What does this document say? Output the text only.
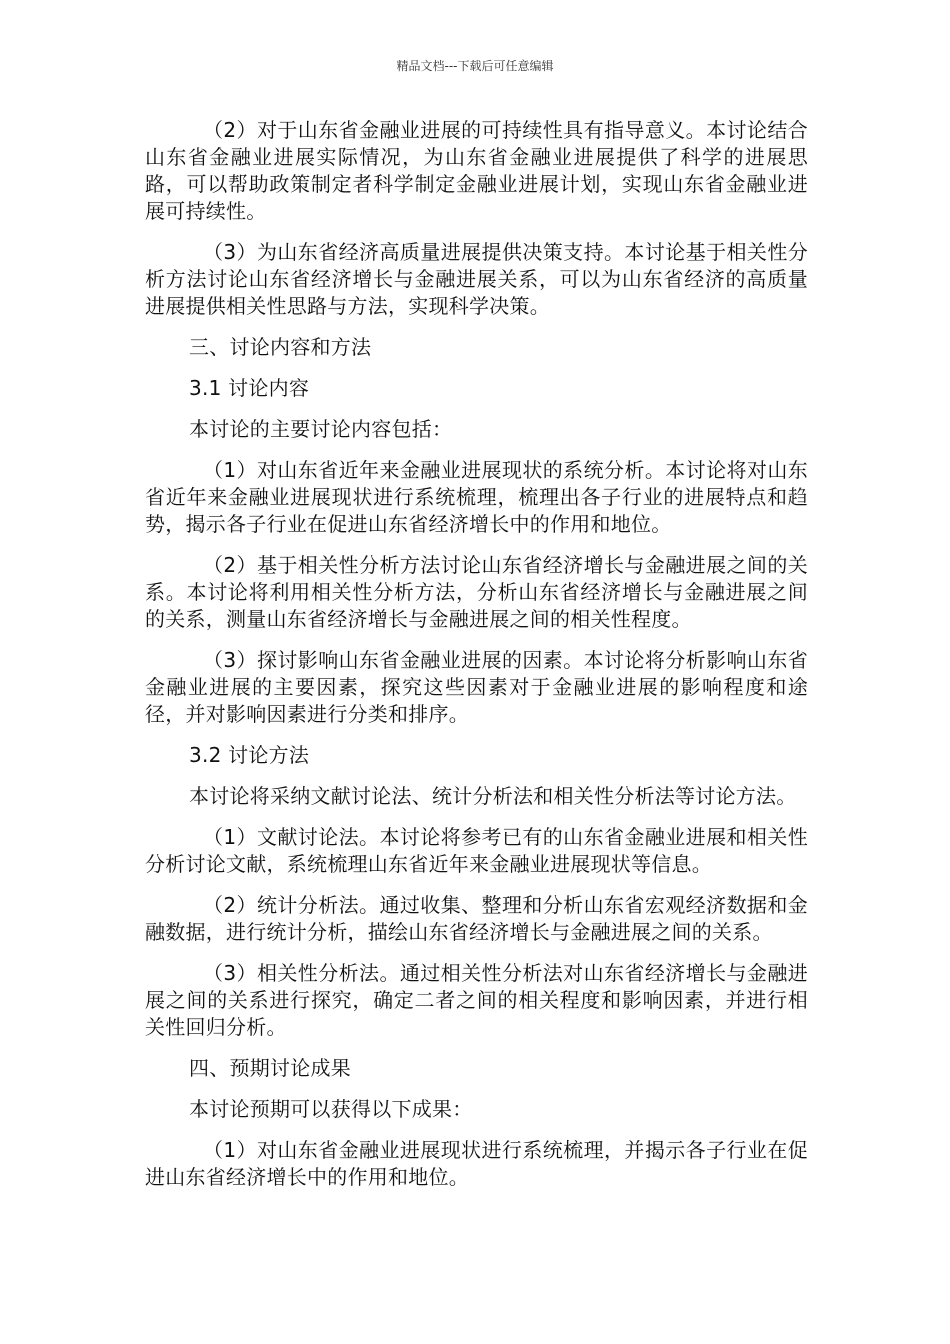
精品文档---下载后可任意编辑

（2）对于山东省金融业进展的可持续性具有指导意义。本讨论结合山东省金融业进展实际情况，为山东省金融业进展提供了科学的进展思路，可以帮助政策制定者科学制定金融业进展计划，实现山东省金融业进展可持续性。

（3）为山东省经济高质量进展提供决策支持。本讨论基于相关性分析方法讨论山东省经济增长与金融进展关系，可以为山东省经济的高质量进展提供相关性思路与方法，实现科学决策。

三、讨论内容和方法

3.1 讨论内容

本讨论的主要讨论内容包括：

（1）对山东省近年来金融业进展现状的系统分析。本讨论将对山东省近年来金融业进展现状进行系统梳理，梳理出各子行业的进展特点和趋势，揭示各子行业在促进山东省经济增长中的作用和地位。

（2）基于相关性分析方法讨论山东省经济增长与金融进展之间的关系。本讨论将利用相关性分析方法，分析山东省经济增长与金融进展之间的关系，测量山东省经济增长与金融进展之间的相关性程度。

（3）探讨影响山东省金融业进展的因素。本讨论将分析影响山东省金融业进展的主要因素，探究这些因素对于金融业进展的影响程度和途径，并对影响因素进行分类和排序。

3.2 讨论方法

本讨论将采纳文献讨论法、统计分析法和相关性分析法等讨论方法。

（1）文献讨论法。本讨论将参考已有的山东省金融业进展和相关性分析讨论文献，系统梳理山东省近年来金融业进展现状等信息。

（2）统计分析法。通过收集、整理和分析山东省宏观经济数据和金融数据，进行统计分析，描绘山东省经济增长与金融进展之间的关系。

（3）相关性分析法。通过相关性分析法对山东省经济增长与金融进展之间的关系进行探究，确定二者之间的相关程度和影响因素，并进行相关性回归分析。

四、预期讨论成果

本讨论预期可以获得以下成果：

（1）对山东省金融业进展现状进行系统梳理，并揭示各子行业在促进山东省经济增长中的作用和地位。
